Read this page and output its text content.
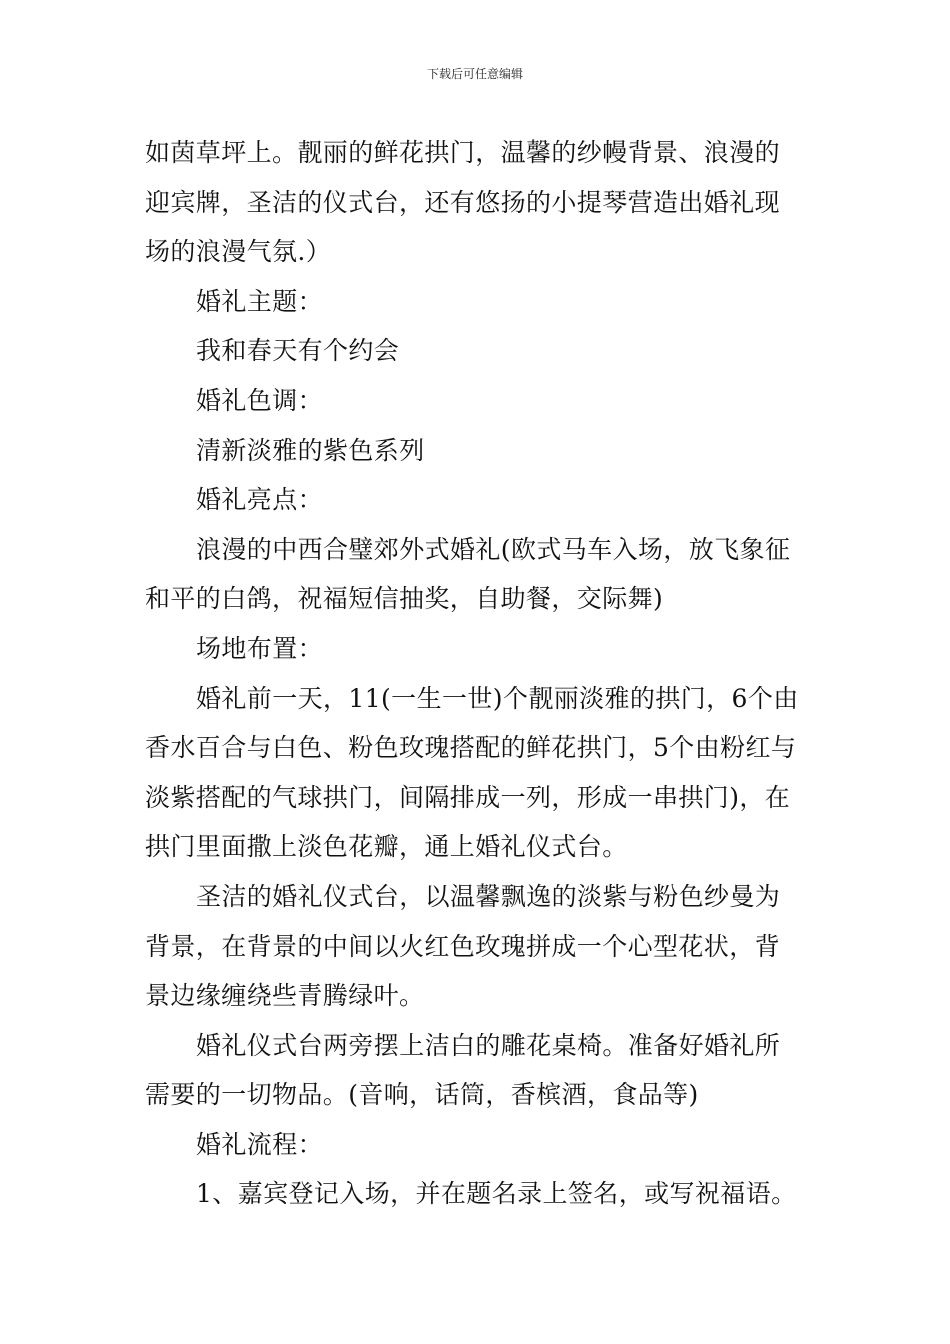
下载后可任意编辑

如茵草坪上。靓丽的鲜花拱门，温馨的纱幔背景、浪漫的
迎宾牌，圣洁的仪式台，还有悠扬的小提琴营造出婚礼现
场的浪漫气氛.）

婚礼主题：

我和春天有个约会

婚礼色调：

清新淡雅的紫色系列

婚礼亮点：

浪漫的中西合璧郊外式婚礼(欧式马车入场，放飞象征
和平的白鸽，祝福短信抽奖，自助餐，交际舞)

场地布置：

婚礼前一天，11(一生一世)个靓丽淡雅的拱门，6个由
香水百合与白色、粉色玫瑰搭配的鲜花拱门，5个由粉红与
淡紫搭配的气球拱门，间隔排成一列，形成一串拱门)，在
拱门里面撒上淡色花瓣，通上婚礼仪式台。

圣洁的婚礼仪式台，以温馨飘逸的淡紫与粉色纱曼为
背景，在背景的中间以火红色玫瑰拼成一个心型花状，背
景边缘缠绕些青腾绿叶。

婚礼仪式台两旁摆上洁白的雕花桌椅。准备好婚礼所
需要的一切物品。(音响，话筒，香槟酒，食品等)

婚礼流程：

1、嘉宾登记入场，并在题名录上签名，或写祝福语。
